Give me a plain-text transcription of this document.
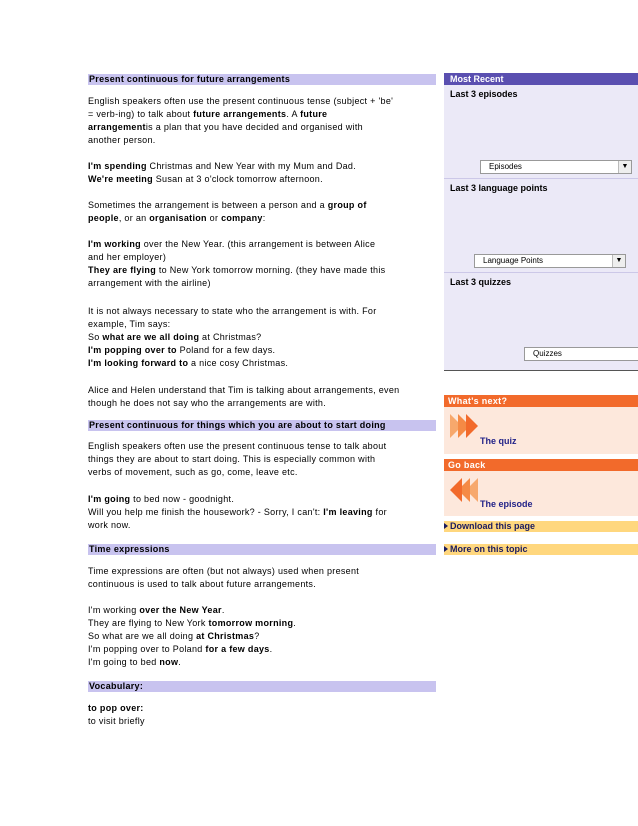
Present continuous for future arrangements

English speakers often use the present continuous tense (subject + 'be'

= verb-ing) to talk about future arrangements. A future

arrangementis a plan that you have decided and organised with

another person.

I'm spending Christmas and New Year with my Mum and Dad.

We're meeting Susan at 3 o'clock tomorrow afternoon.

Sometimes the arrangement is between a person and a group of

people, or an organisation or company:

I'm working over the New Year. (this arrangement is between Alice

and her employer)

They are flying to New York tomorrow morning. (they have made this

arrangement with the airline)

It is not always necessary to state who the arrangement is with. For

example, Tim says:

So what are we all doing at Christmas?

I'm popping over to Poland for a few days.

I'm looking forward to a nice cosy Christmas.

Alice and Helen understand that Tim is talking about arrangements, even

though he does not say who the arrangements are with.

Present continuous for things which you are about to start doing

English speakers often use the present continuous tense to talk about

things they are about to start doing. This is especially common with

verbs of movement, such as go, come, leave etc.

I'm going to bed now - goodnight.

Will you help me finish the housework? - Sorry, I can't: I'm leaving for

work now.

Time expressions

Time expressions are often (but not always) used when present

continuous is used to talk about future arrangements.

I'm working over the New Year.

They are flying to New York tomorrow morning.

So what are we all doing at Christmas?

I'm popping over to Poland for a few days.

I'm going to bed now.

Vocabulary:

to pop over:

to visit briefly

Most Recent
Last 3 episodes
Episodes	▼
Last 3 language points
Language Points	▼
Last 3 quizzes
Quizzes
What's next?
The quiz
Go back
The episode
Download this page
More on this topic
